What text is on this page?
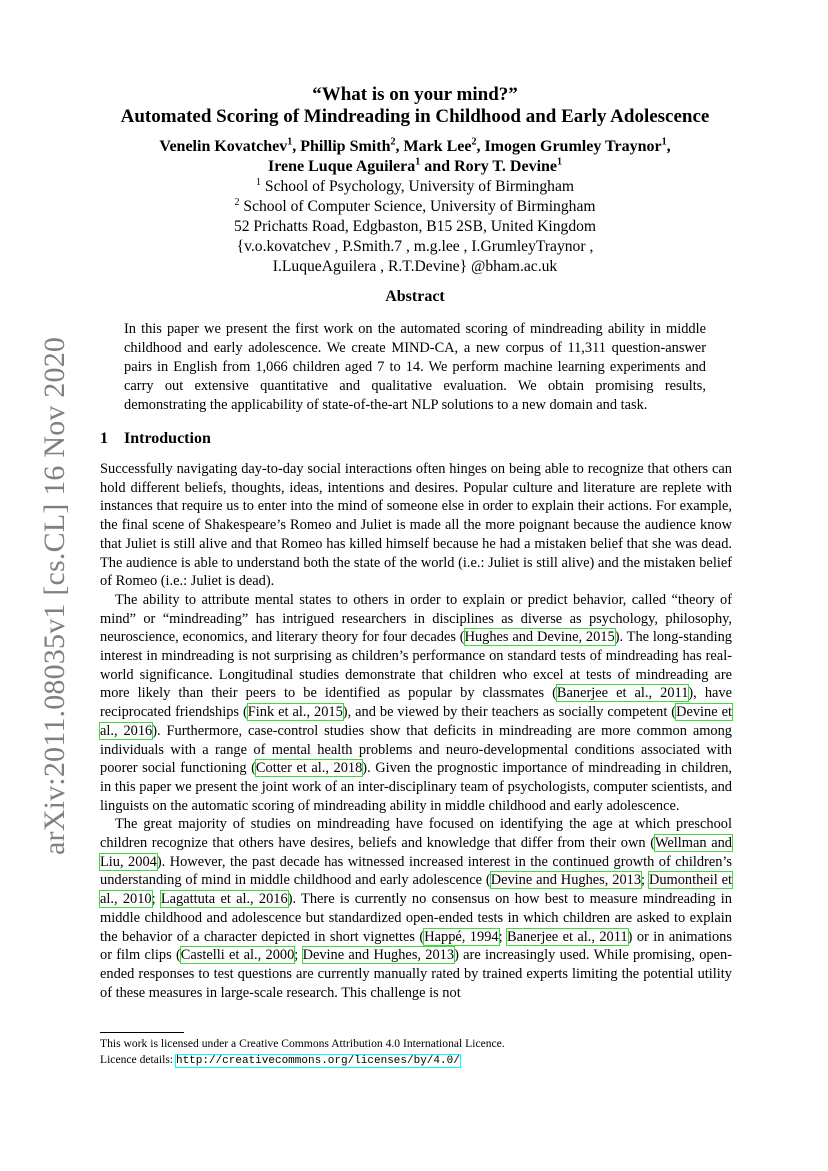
arXiv:2011.08035v1 [cs.CL] 16 Nov 2020
“What is on your mind?”
Automated Scoring of Mindreading in Childhood and Early Adolescence
Venelin Kovatchev$^1$, Phillip Smith$^2$, Mark Lee$^2$, Imogen Grumley Traynor$^1$,
Irene Luque Aguilera$^1$ and Rory T. Devine$^1$
$^1$ School of Psychology, University of Birmingham
$^2$ School of Computer Science, University of Birmingham
52 Prichatts Road, Edgbaston, B15 2SB, United Kingdom
{v.o.kovatchev , P.Smith.7 , m.g.lee , I.GrumleyTraynor ,
I.LuqueAguilera , R.T.Devine} @bham.ac.uk
Abstract
In this paper we present the first work on the automated scoring of mindreading ability in middle childhood and early adolescence. We create MIND-CA, a new corpus of 11,311 question-answer pairs in English from 1,066 children aged 7 to 14. We perform machine learning experiments and carry out extensive quantitative and qualitative evaluation. We obtain promising results, demonstrating the applicability of state-of-the-art NLP solutions to a new domain and task.
1 Introduction

Successfully navigating day-to-day social interactions often hinges on being able to recognize that others can hold different beliefs, thoughts, ideas, intentions and desires. Popular culture and literature are replete with instances that require us to enter into the mind of someone else in order to explain their actions. For example, the final scene of Shakespeare’s Romeo and Juliet is made all the more poignant because the audience know that Juliet is still alive and that Romeo has killed himself because he had a mistaken belief that she was dead. The audience is able to understand both the state of the world (i.e.: Juliet is still alive) and the mistaken belief of Romeo (i.e.: Juliet is dead).

The ability to attribute mental states to others in order to explain or predict behavior, called “theory of mind” or “mindreading” has intrigued researchers in disciplines as diverse as psychology, philosophy, neuroscience, economics, and literary theory for four decades (Hughes and Devine, 2015). The long-standing interest in mindreading is not surprising as children’s performance on standard tests of mindreading has real-world significance. Longitudinal studies demonstrate that children who excel at tests of mindreading are more likely than their peers to be identified as popular by classmates (Banerjee et al., 2011), have reciprocated friendships (Fink et al., 2015), and be viewed by their teachers as socially competent (Devine et al., 2016). Furthermore, case-control studies show that deficits in mindreading are more common among individuals with a range of mental health problems and neuro-developmental conditions associated with poorer social functioning (Cotter et al., 2018). Given the prognostic importance of mindreading in children, in this paper we present the joint work of an inter-disciplinary team of psychologists, computer scientists, and linguists on the automatic scoring of mindreading ability in middle childhood and early adolescence.

The great majority of studies on mindreading have focused on identifying the age at which preschool children recognize that others have desires, beliefs and knowledge that differ from their own (Wellman and Liu, 2004). However, the past decade has witnessed increased interest in the continued growth of children’s understanding of mind in middle childhood and early adolescence (Devine and Hughes, 2013; Dumontheil et al., 2010; Lagattuta et al., 2016). There is currently no consensus on how best to measure mindreading in middle childhood and adolescence but standardized open-ended tests in which children are asked to explain the behavior of a character depicted in short vignettes (Happé, 1994; Banerjee et al., 2011) or in animations or film clips (Castelli et al., 2000; Devine and Hughes, 2013) are increasingly used. While promising, open-ended responses to test questions are currently manually rated by trained experts limiting the potential utility of these measures in large-scale research. This challenge is not

This work is licensed under a Creative Commons Attribution 4.0 International Licence.
Licence details: http://creativecommons.org/licenses/by/4.0/
